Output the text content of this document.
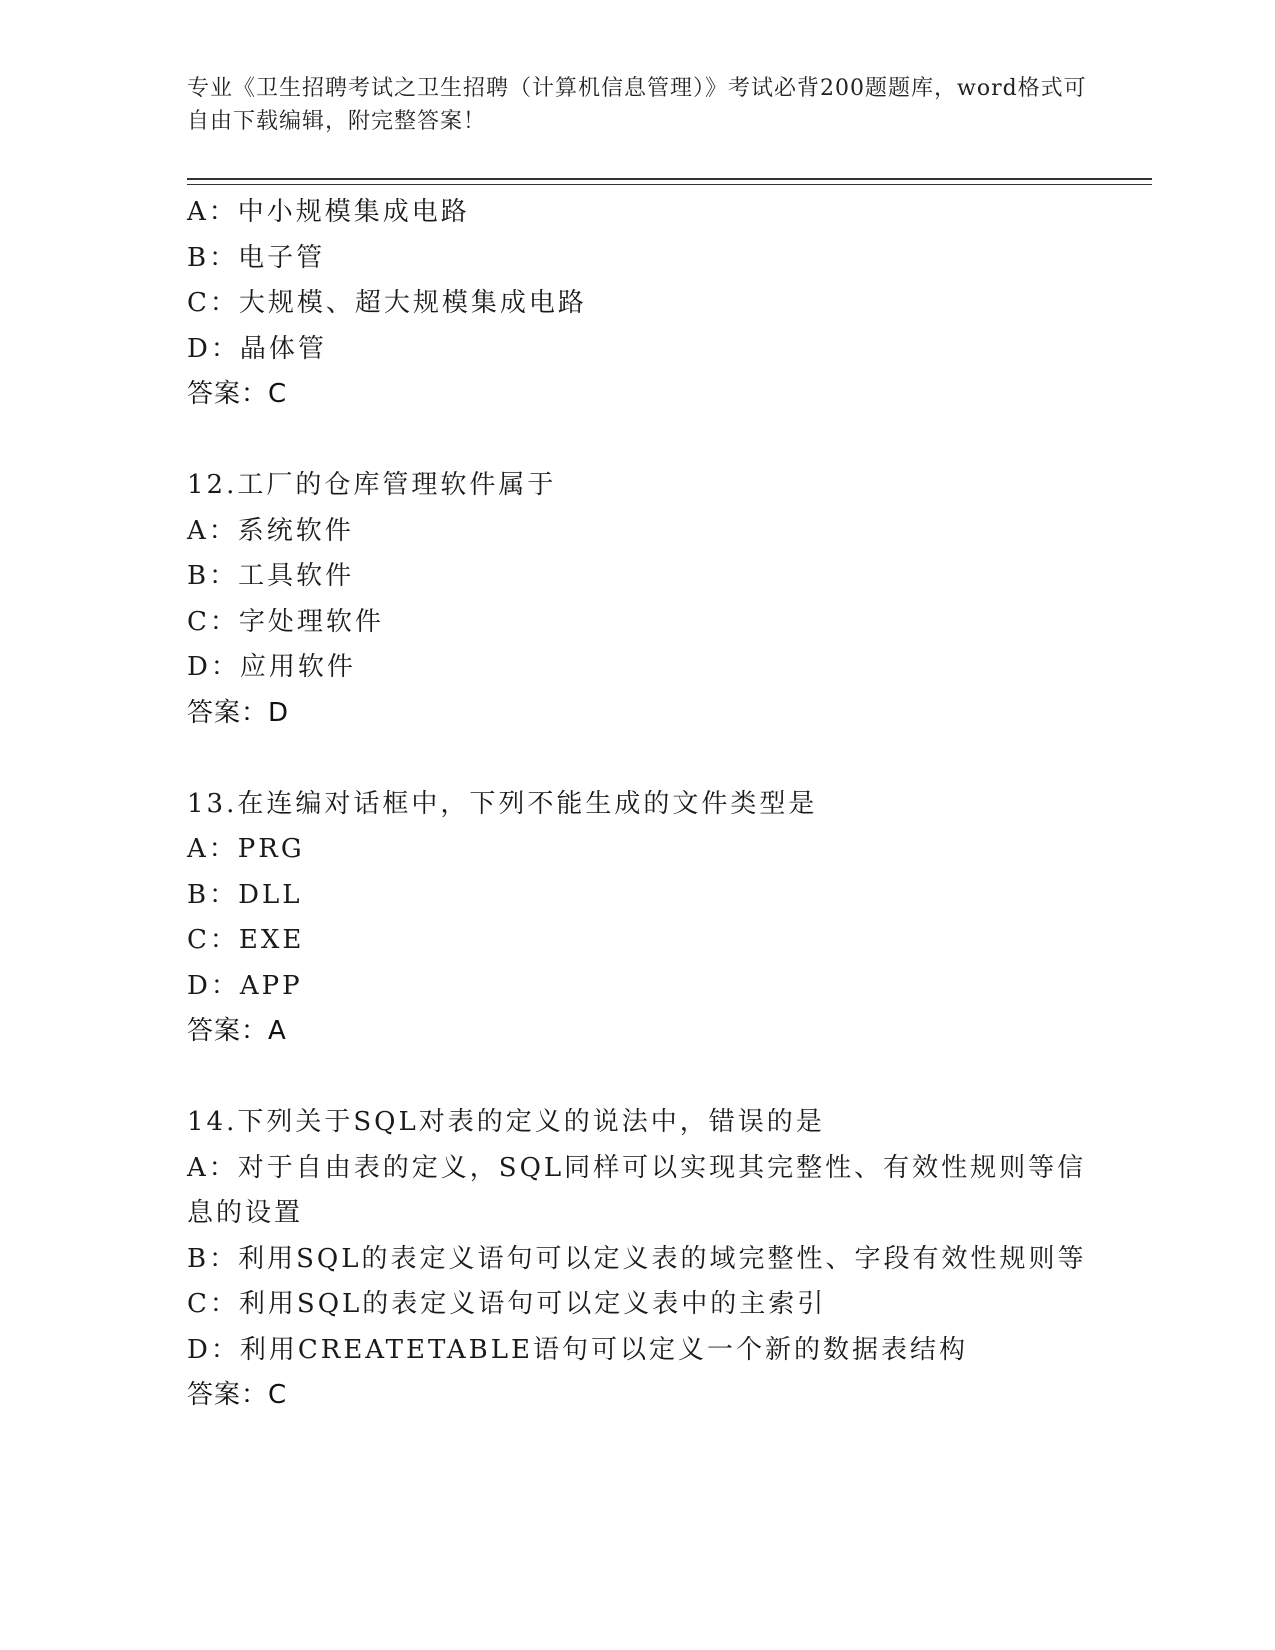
专业《卫生招聘考试之卫生招聘（计算机信息管理）》考试必背200题题库，word格式可自由下载编辑，附完整答案！
A：中小规模集成电路
B：电子管
C：大规模、超大规模集成电路
D：晶体管
答案：C
12.工厂的仓库管理软件属于
A：系统软件
B：工具软件
C：字处理软件
D：应用软件
答案：D
13.在连编对话框中，下列不能生成的文件类型是
A：PRG
B：DLL
C：EXE
D：APP
答案：A
14.下列关于SQL对表的定义的说法中，错误的是
A：对于自由表的定义，SQL同样可以实现其完整性、有效性规则等信息的设置
B：利用SQL的表定义语句可以定义表的域完整性、字段有效性规则等
C：利用SQL的表定义语句可以定义表中的主索引
D：利用CREATETABLE语句可以定义一个新的数据表结构
答案：C
